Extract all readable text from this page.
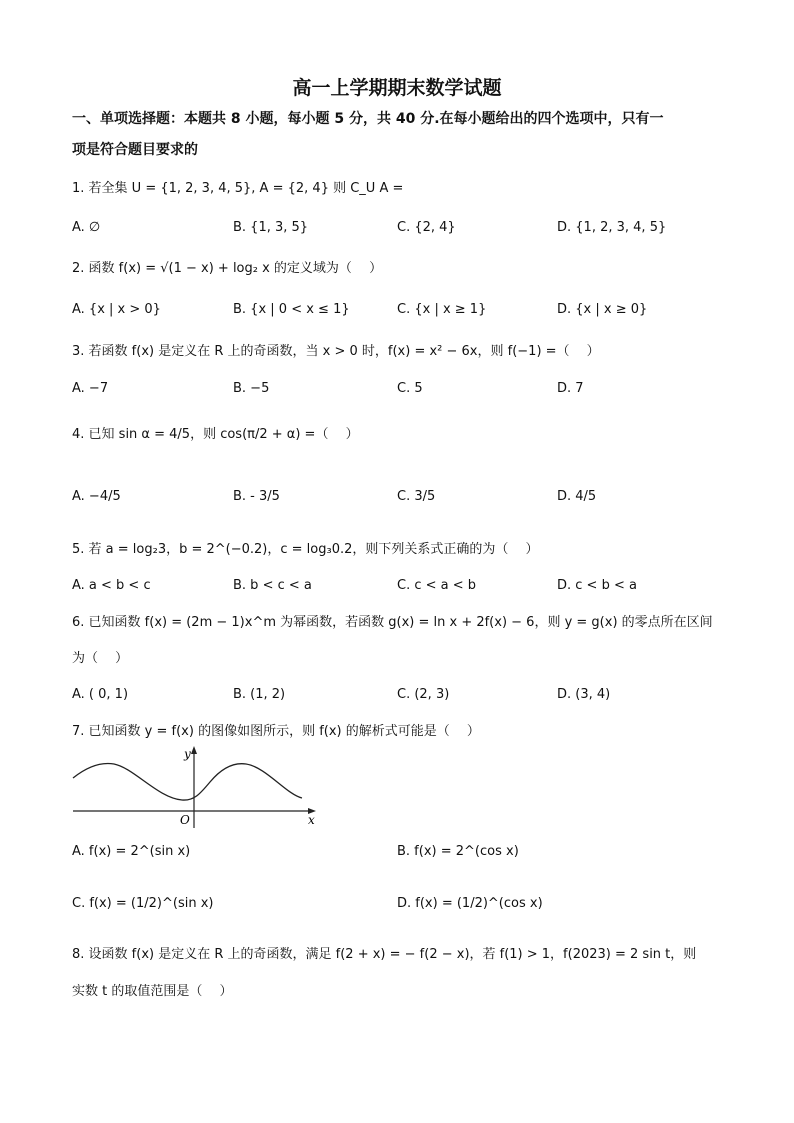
高一上学期期末数学试题
一、单项选择题：本题共 8 小题，每小题 5 分，共 40 分.在每小题给出的四个选项中，只有一
项是符合题目要求的
1. 若全集 U = {1, 2, 3, 4, 5}, A = {2, 4} 则 C_U A =
A. ∅	B. {1, 3, 5}	C. {2, 4}	D. {1, 2, 3, 4, 5}
2. 函数 f(x) = √(1 − x) + log₂ x 的定义域为（　 ）
A. {x | x > 0}	B. {x | 0 < x ≤ 1}	C. {x | x ≥ 1}	D. {x | x ≥ 0}
3. 若函数 f(x) 是定义在 R 上的奇函数，当 x > 0 时，f(x) = x² − 6x，则 f(−1) =（　 ）
A. −7	B. −5	C. 5	D. 7
4. 已知 sin α = 4/5，则 cos(π/2 + α) =（　 ）
A. −4/5	B. - 3/5	C. 3/5	D. 4/5
5. 若 a = log₂3，b = 2^(−0.2)，c = log₃0.2，则下列关系式正确的为（　 ）
A. a < b < c	B. b < c < a	C. c < a < b	D. c < b < a
6. 已知函数 f(x) = (2m − 1)x^m 为幂函数，若函数 g(x) = ln x + 2f(x) − 6，则 y = g(x) 的零点所在区间
为（　 ）
A. ( 0, 1)	B. (1, 2)	C. (2, 3)	D. (3, 4)
7. 已知函数 y = f(x) 的图像如图所示，则 f(x) 的解析式可能是（　 ）
y
x
O
A. f(x) = 2^(sin x)	B. f(x) = 2^(cos x)
C. f(x) = (1/2)^(sin x)	D. f(x) = (1/2)^(cos x)
8. 设函数 f(x) 是定义在 R 上的奇函数，满足 f(2 + x) = − f(2 − x)，若 f(1) > 1，f(2023) = 2 sin t，则
实数 t 的取值范围是（　 ）
